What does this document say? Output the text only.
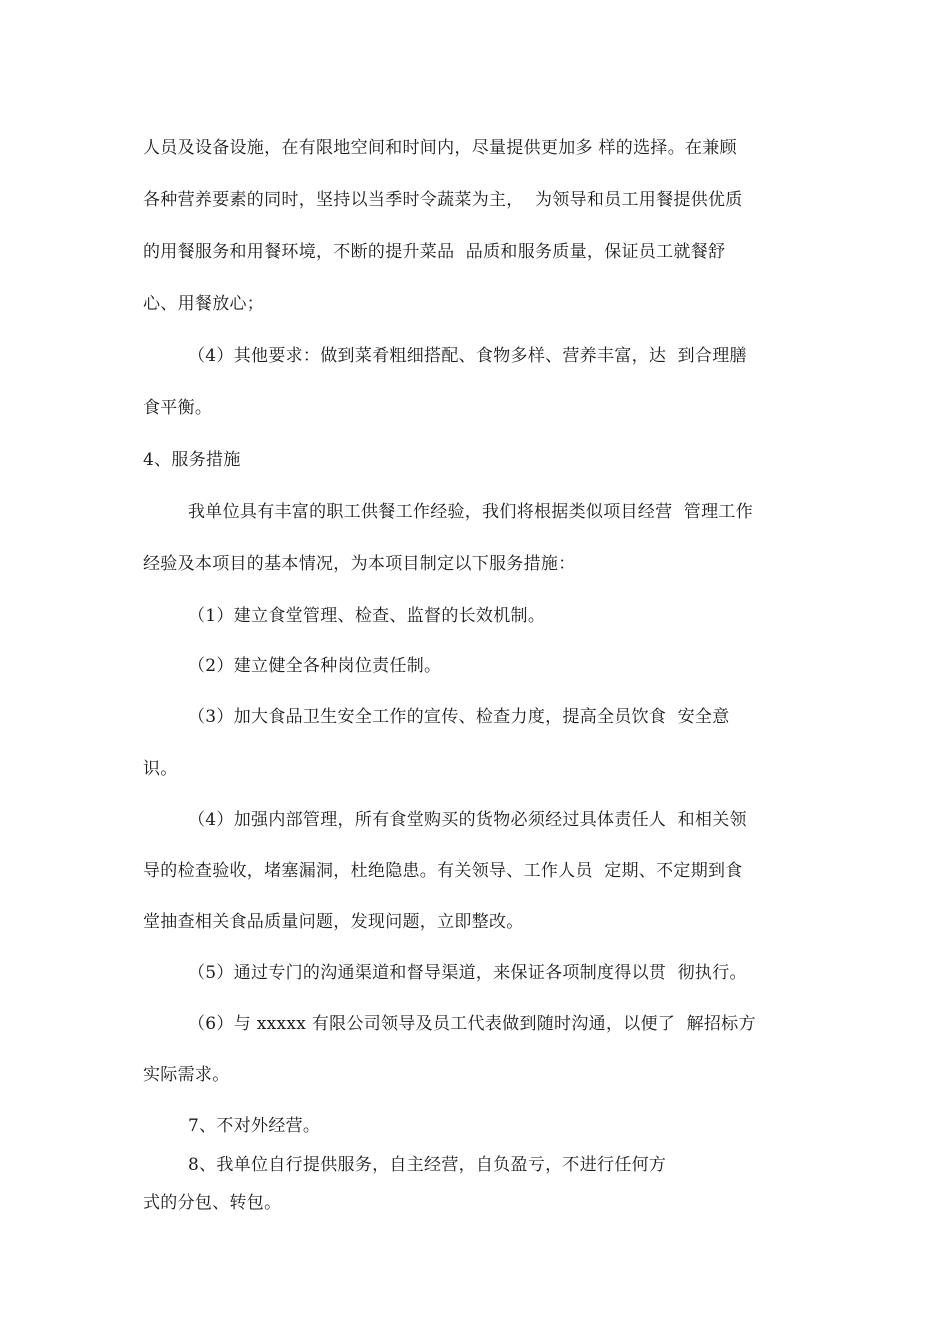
人员及设备设施，在有限地空间和时间内，尽量提供更加多 样的选择。在兼顾
各种营养要素的同时，坚持以当季时令蔬菜为主，  为领导和员工用餐提供优质
的用餐服务和用餐环境，不断的提升菜品  品质和服务质量，保证员工就餐舒
心、用餐放心；
（4）其他要求：做到菜肴粗细搭配、食物多样、营养丰富，达  到合理膳
食平衡。
4、服务措施
我单位具有丰富的职工供餐工作经验，我们将根据类似项目经营  管理工作
经验及本项目的基本情况，为本项目制定以下服务措施：
（1）建立食堂管理、检查、监督的长效机制。
（2）建立健全各种岗位责任制。
（3）加大食品卫生安全工作的宣传、检查力度，提高全员饮食  安全意
识。
（4）加强内部管理，所有食堂购买的货物必须经过具体责任人  和相关领
导的检查验收，堵塞漏洞，杜绝隐患。有关领导、工作人员  定期、不定期到食
堂抽查相关食品质量问题，发现问题，立即整改。
（5）通过专门的沟通渠道和督导渠道，来保证各项制度得以贯  彻执行。
（6）与 xxxxx 有限公司领导及员工代表做到随时沟通，以便了  解招标方
实际需求。
7、不对外经营。
8、我单位自行提供服务，自主经营，自负盈亏，不进行任何方
式的分包、转包。
